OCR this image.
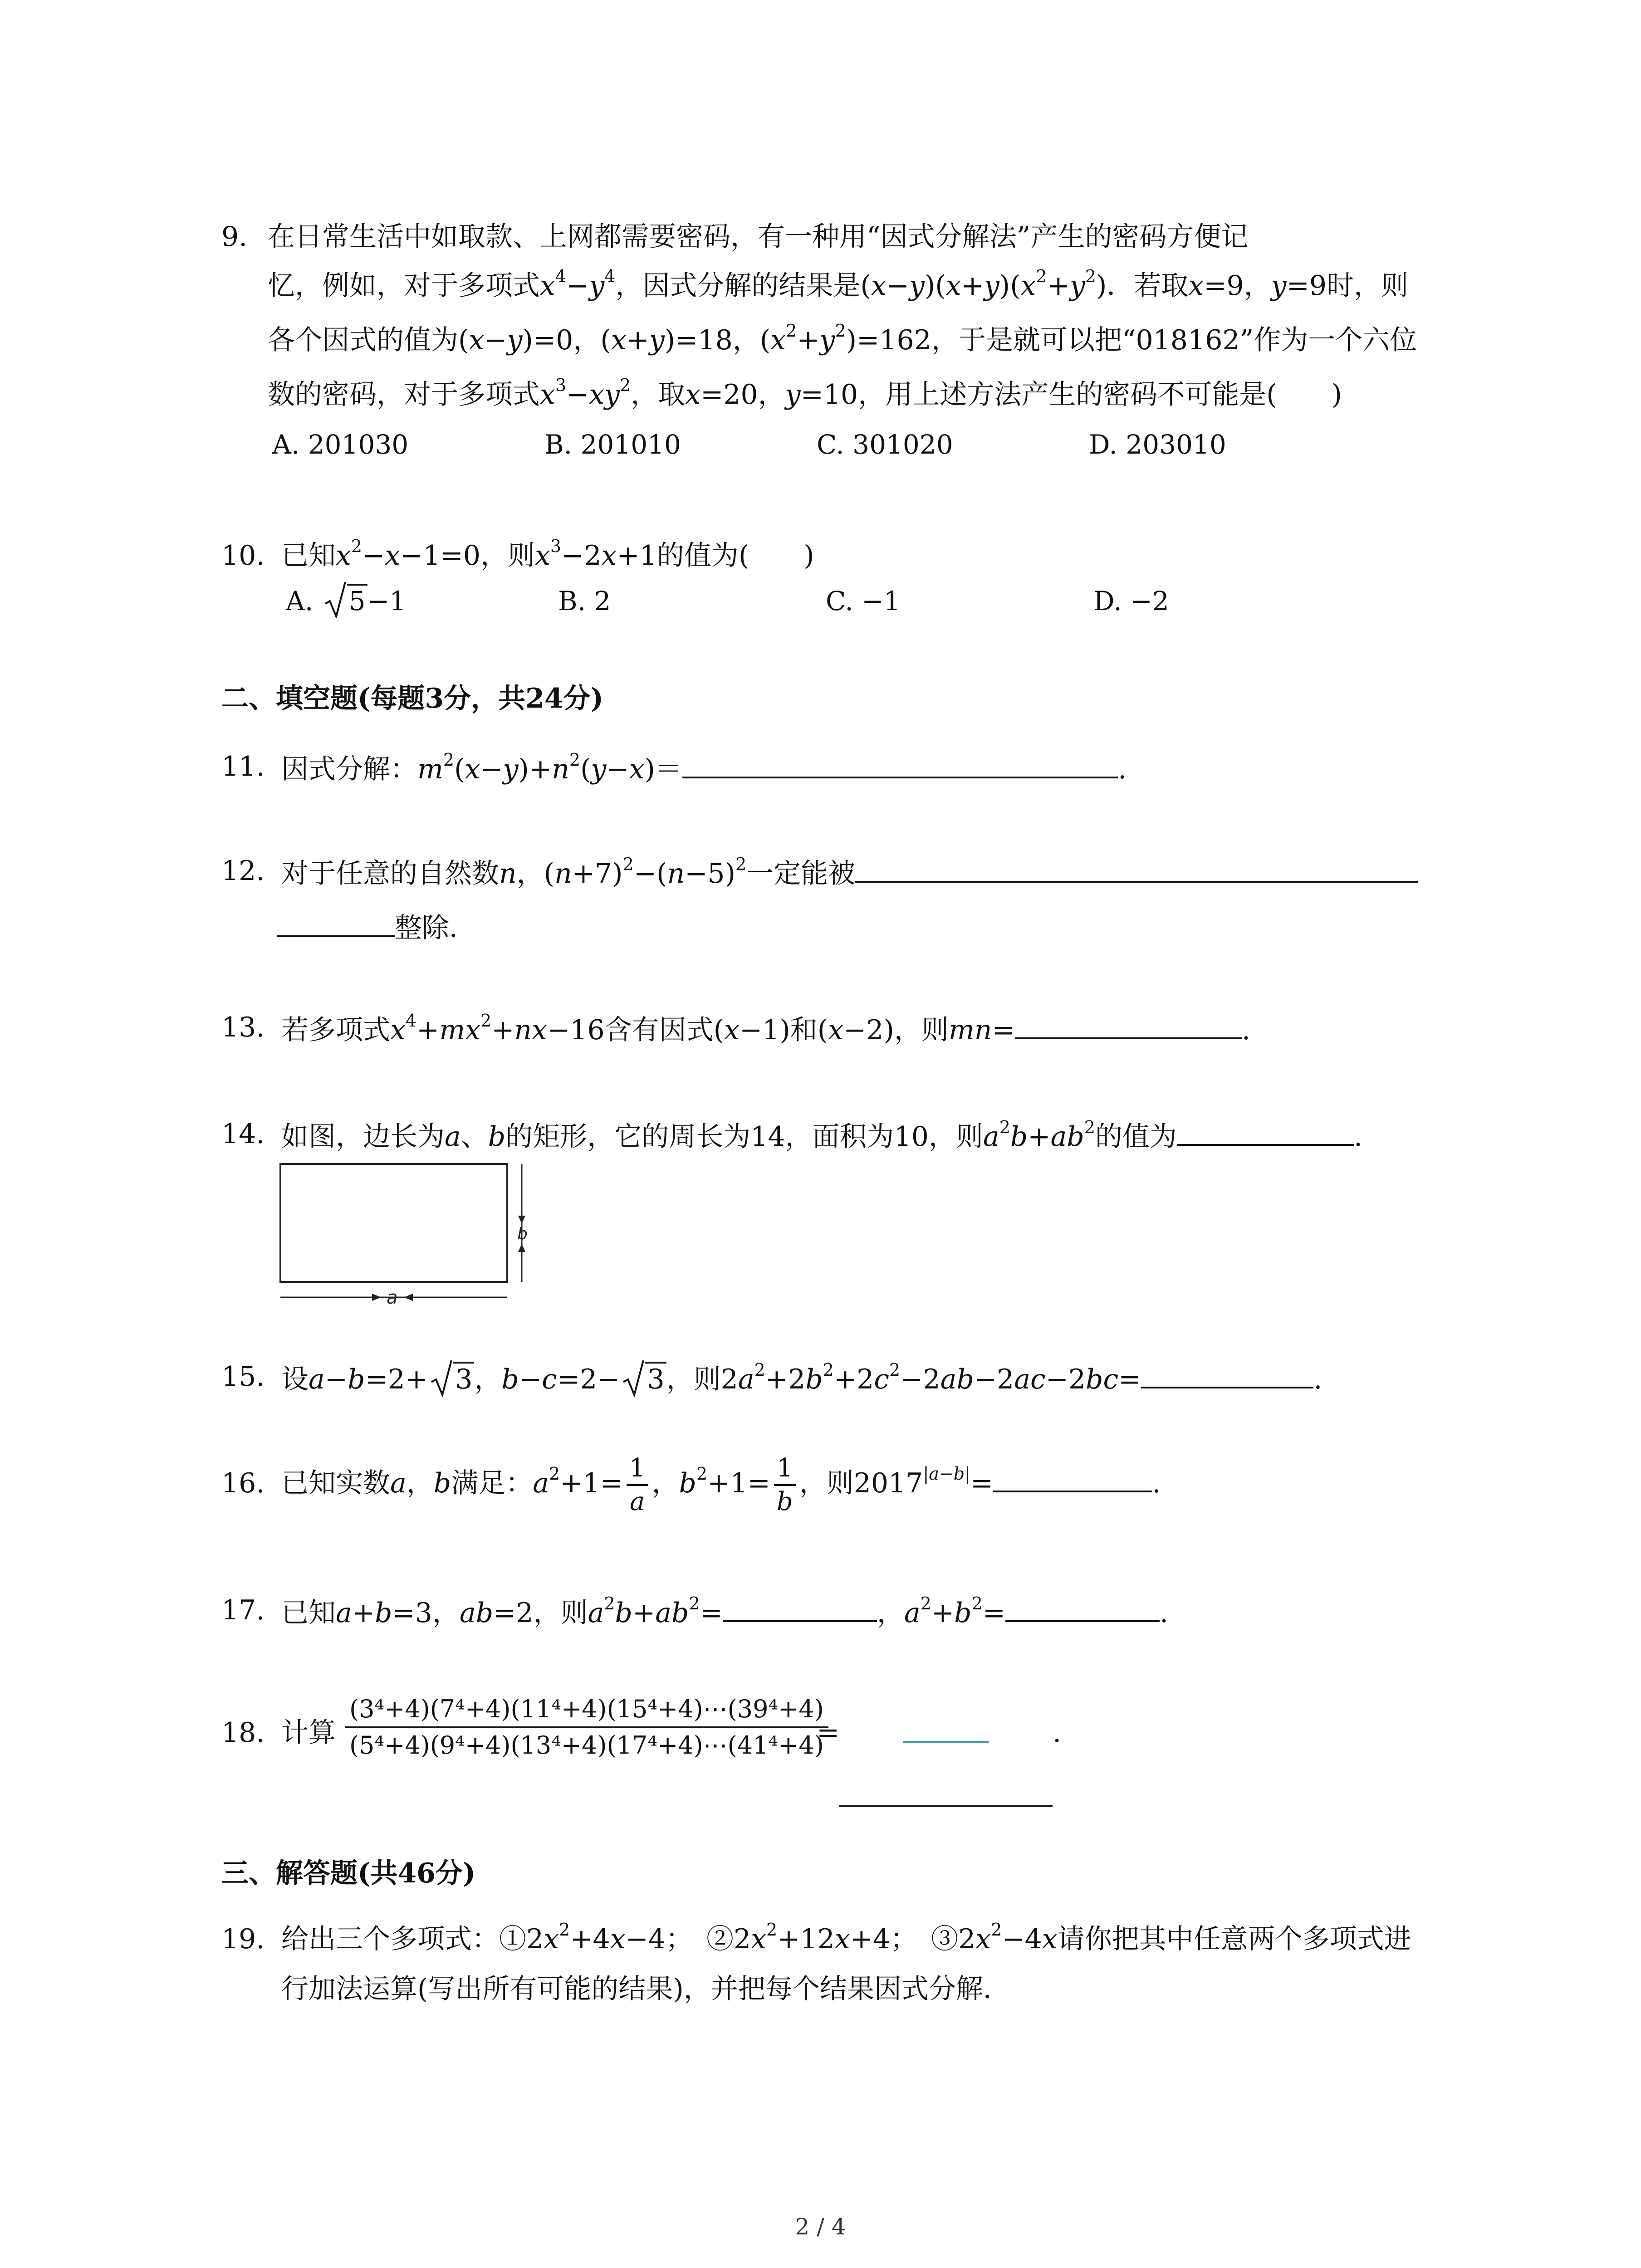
9. 在日常生活中如取款、上网都需要密码，有一种用“因式分解法”产生的密码方便记
忆，例如，对于多项式$x^4-y^4$，因式分解的结果是$(x-y)(x+y)(x^2+y^2)$．若取x=9，y=9时，则
各个因式的值为(x−y)=0，(x+y)=18，$(x^2+y^2)=162$，于是就可以把“018162”作为一个六位
数的密码，对于多项式$x^3-xy^2$，取x=20，y=10，用上述方法产生的密码不可能是(　　)
A. 201030	B. 201010	C. 301020	D. 203010
10. 已知$x^2-x-1=0$，则$x^3-2x+1$的值为(　　)
A. 5−1	B. 2	C. −1	D. −2
二、填空题(每题3分，共24分)
11. 因式分解：$m^2(x-y)+n^2(y-x)=$	.
12. 对于任意的自然数n，$(n+7)^2-(n-5)^2$一定能被
整除．
13. 若多项式$x^4+mx^2+nx-16$含有因式(x−1)和(x−2)，则mn=	.
14. 如图，边长为a、b的矩形，它的周长为14，面积为10，则$a^2b+ab^2$的值为	.
b
a
15. 设a−b=2+ 3，b−c=2− 3，则$2a^2+2b^2+2c^2-2ab-2ac-2bc=$	.
16. 已知实数a，b满足：$a^2+1= \frac{1}{a}$ ，$b^2+1= \frac{1}{b}$ ，则$2017^{|a-b|}=$	.
17. 已知a+b=3，ab=2，则$a^2b+ab^2=$	，$a^2+b^2=$	.
18. 计算 $\frac{\text{(3⁴+4)(7⁴+4)(11⁴+4)(15⁴+4)⋯(39⁴+4)}}{\text{(5⁴+4)(9⁴+4)(13⁴+4)(17⁴+4)⋯(41⁴+4)}}$
=	.
三、解答题(共46分)
19. 给出三个多项式：$①2x^2+4x-4$；　$②2x^2+12x+4$；　$③2x^2-4x$请你把其中任意两个多项式进
行加法运算(写出所有可能的结果)，并把每个结果因式分解．
2 / 4
